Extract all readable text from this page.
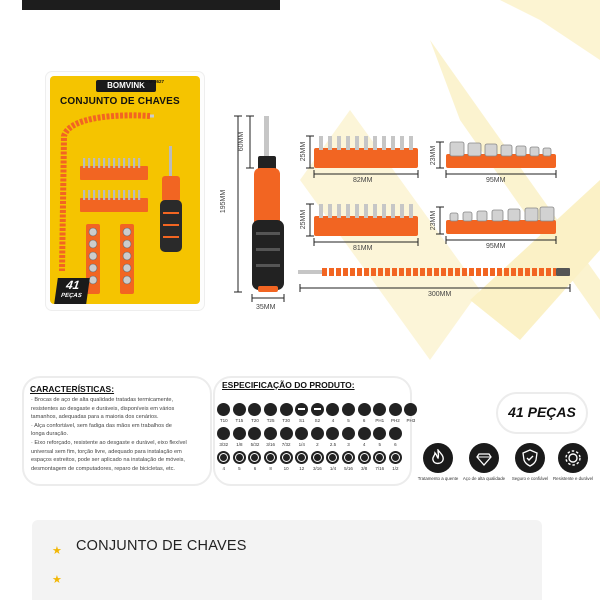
BOMVINK
BOM-3627
CONJUNTO DE CHAVES
41
PEÇAS
195MM
60MM
35MM
25MM
82MM
25MM
81MM
23MM
95MM
23MM
95MM
300MM
CARACTERÍSTICAS:

· Brocas de aço de alta qualidade tratadas termicamente,

resistentes ao desgaste e duráveis, disponíveis em vários

tamanhos, adequadas para a maioria dos cenários.

· Alça confortável, sem fadiga das mãos em trabalhos de

longa duração.

· Eixo reforçado, resistente ao desgaste e durável, eixo flexível

universal sem fim, torção livre, adequado para instalação em

espaços estreitos, pode ser aplicado na instalação de móveis,

desmontagem de computadores, reparo de bicicletas, etc.

ESPECIFICAÇÃO DO PRODUTO:
T10 T15 T20 T25 T30 S1 S2	4	5	6 PH1 PH2 PH3
3/32 1/8 5/32 3/16 7/32 1/4 2 2.5 3	4	5	6
4	5	6	8	10 12 3/16 1/4 5/16 3/8 7/16 1/2
41 PEÇAS
Tratamento a quente	Aço de alta qualidade	Seguro e confiável	Resistente e durável
★ CONJUNTO DE CHAVES
★
